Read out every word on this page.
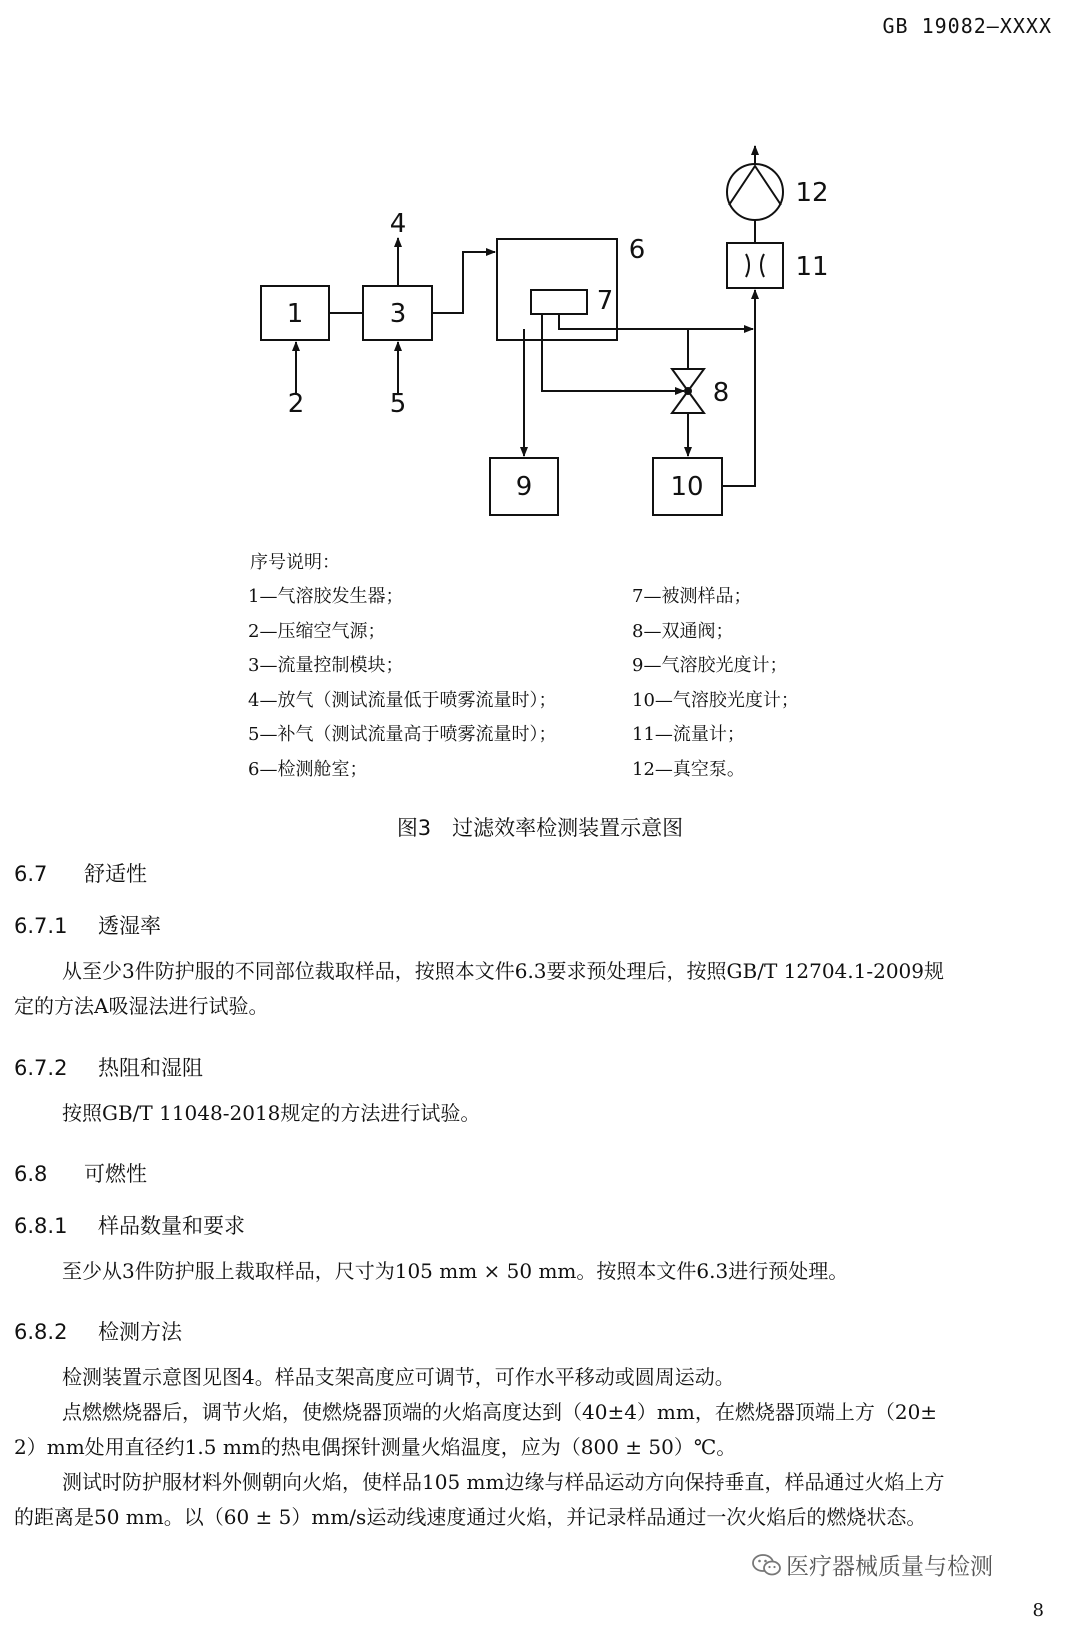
GB 19082—XXXX
1
2
3
4
5
6
7
8
9	10
11
12
序号说明：
1—气溶胶发生器；
2—压缩空气源；
3—流量控制模块；
4—放气（测试流量低于喷雾流量时）；
5—补气（测试流量高于喷雾流量时）；
6—检测舱室；
7—被测样品；
8—双通阀；
9—气溶胶光度计；
10—气溶胶光度计；
11—流量计；
12—真空泵。
图3　过滤效率检测装置示意图
6.7 舒适性
6.7.1 透湿率
从至少3件防护服的不同部位裁取样品，按照本文件6.3要求预处理后，按照GB/T 12704.1-2009规
定的方法A吸湿法进行试验。
6.7.2 热阻和湿阻
按照GB/T 11048-2018规定的方法进行试验。
6.8 可燃性
6.8.1 样品数量和要求
至少从3件防护服上裁取样品，尺寸为105 mm × 50 mm。按照本文件6.3进行预处理。
6.8.2 检测方法
检测装置示意图见图4。样品支架高度应可调节，可作水平移动或圆周运动。
点燃燃烧器后，调节火焰，使燃烧器顶端的火焰高度达到（40±4）mm，在燃烧器顶端上方（20±
2）mm处用直径约1.5 mm的热电偶探针测量火焰温度，应为（800 ± 50）℃。
测试时防护服材料外侧朝向火焰，使样品105 mm边缘与样品运动方向保持垂直，样品通过火焰上方
的距离是50 mm。以（60 ± 5）mm/s运动线速度通过火焰，并记录样品通过一次火焰后的燃烧状态。
医疗器械质量与检测
8
